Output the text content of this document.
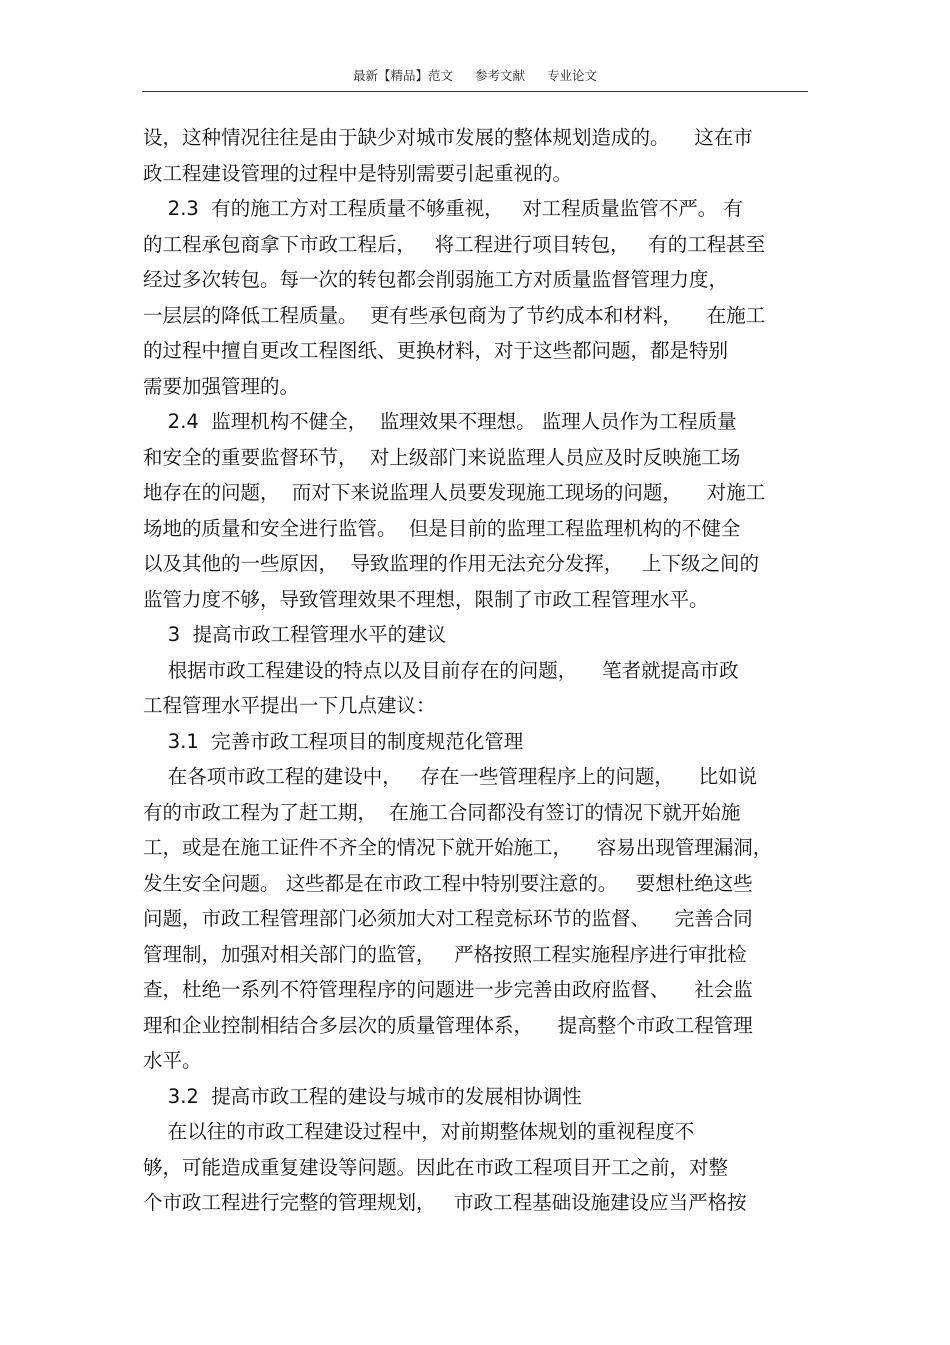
最新【精品】范文 参考文献 专业论文
设，这种情况往往是由于缺少对城市发展的整体规划造成的。    这在市
政工程建设管理的过程中是特别需要引起重视的。
2.3  有的施工方对工程质量不够重视，   对工程质量监管不严。 有
的工程承包商拿下市政工程后，   将工程进行项目转包，   有的工程甚至
经过多次转包。每一次的转包都会削弱施工方对质量监督管理力度，
一层层的降低工程质量。  更有些承包商为了节约成本和材料，    在施工
的过程中擅自更改工程图纸、更换材料，对于这些都问题，都是特别
需要加强管理的。
2.4  监理机构不健全，  监理效果不理想。 监理人员作为工程质量
和安全的重要监督环节，  对上级部门来说监理人员应及时反映施工场
地存在的问题，  而对下来说监理人员要发现施工现场的问题，    对施工
场地的质量和安全进行监管。  但是目前的监理工程监理机构的不健全
以及其他的一些原因，  导致监理的作用无法充分发挥，   上下级之间的
监管力度不够，导致管理效果不理想，限制了市政工程管理水平。
3  提高市政工程管理水平的建议
根据市政工程建设的特点以及目前存在的问题，    笔者就提高市政
工程管理水平提出一下几点建议：
3.1  完善市政工程项目的制度规范化管理
在各项市政工程的建设中，   存在一些管理程序上的问题，    比如说
有的市政工程为了赶工期，  在施工合同都没有签订的情况下就开始施
工，或是在施工证件不齐全的情况下就开始施工，    容易出现管理漏洞，
发生安全问题。 这些都是在市政工程中特别要注意的。   要想杜绝这些
问题，市政工程管理部门必须加大对工程竞标环节的监督、    完善合同
管理制，加强对相关部门的监管，   严格按照工程实施程序进行审批检
查，杜绝一系列不符管理程序的问题进一步完善由政府监督、    社会监
理和企业控制相结合多层次的质量管理体系，    提高整个市政工程管理
水平。
3.2  提高市政工程的建设与城市的发展相协调性
在以往的市政工程建设过程中，对前期整体规划的重视程度不
够，可能造成重复建设等问题。因此在市政工程项目开工之前，对整
个市政工程进行完整的管理规划，   市政工程基础设施建设应当严格按
